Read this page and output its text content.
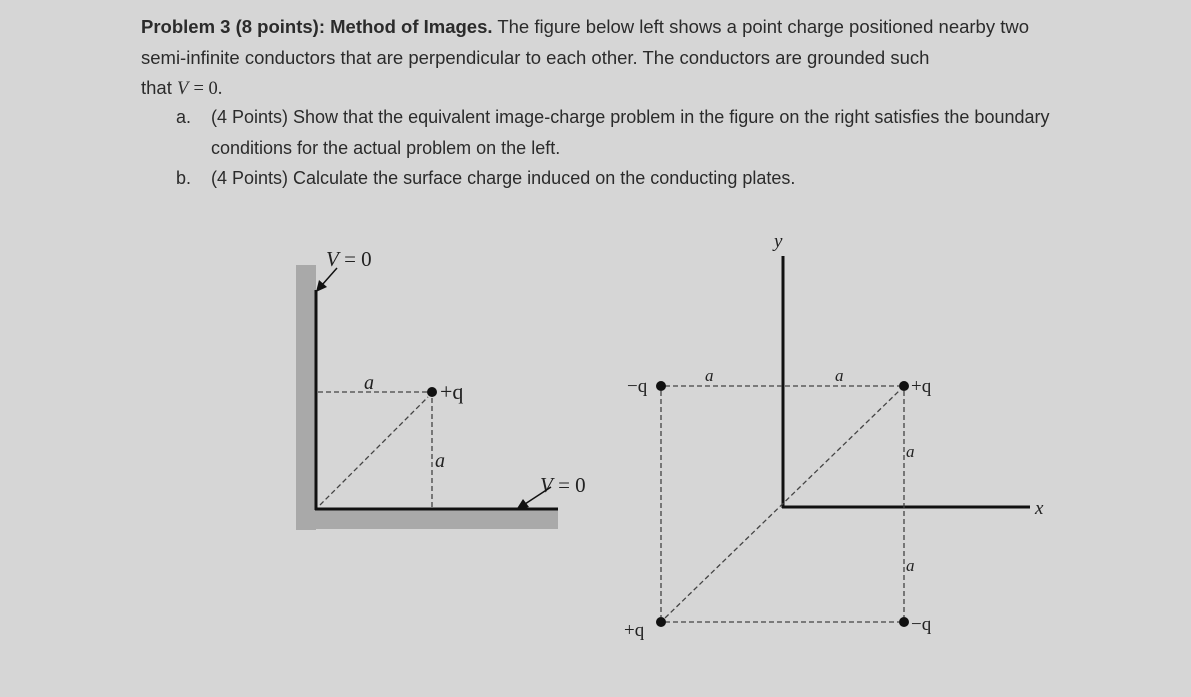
Problem 3 (8 points): Method of Images. The figure below left shows a point charge positioned nearby two semi-infinite conductors that are perpendicular to each other. The conductors are grounded such
that V = 0.
a. (4 Points) Show that the equivalent image-charge problem in the figure on the right satisfies the boundary conditions for the actual problem on the left.
b. (4 Points) Calculate the surface charge induced on the conducting plates.
+q
a
a
V = 0
V = 0
y
x
+q
−q
+q	−q
a	a
a
a
